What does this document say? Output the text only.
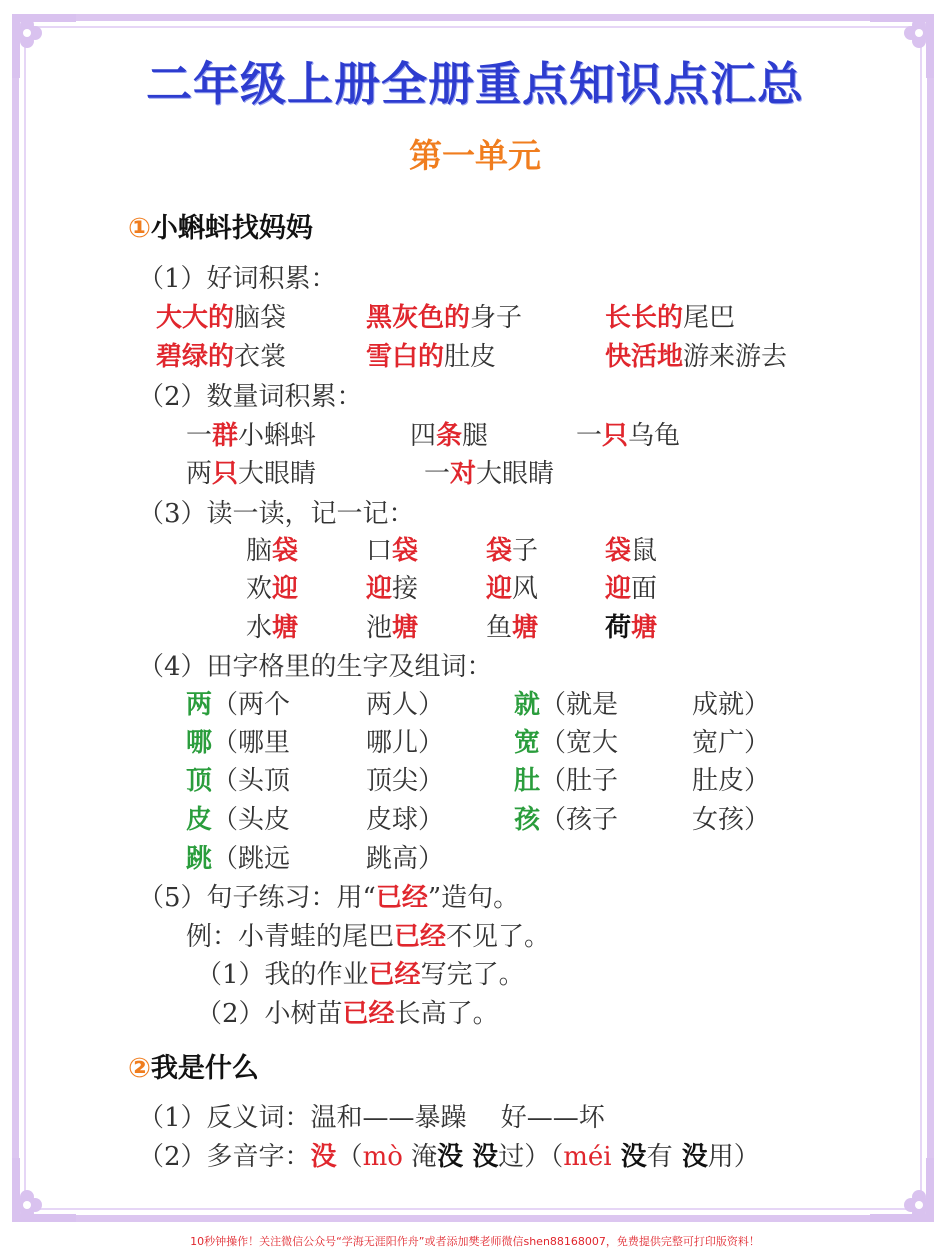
二年级上册全册重点知识点汇总
第一单元
①小蝌蚪找妈妈
（1）好词积累：
大大的脑袋	黑灰色的身子	长长的尾巴
碧绿的衣裳	雪白的肚皮	快活地游来游去
（2）数量词积累：
一群小蝌蚪	四条腿	一只乌龟
两只大眼睛	一对大眼睛
（3）读一读，记一记：
脑袋	口袋	袋子	袋鼠
欢迎	迎接	迎风	迎面
水塘	池塘	鱼塘	荷塘
（4）田字格里的生字及组词：
两（两个	两人）	就（就是	成就）
哪（哪里	哪儿）	宽（宽大	宽广）
顶（头顶	顶尖）	肚（肚子	肚皮）
皮（头皮	皮球）	孩（孩子	女孩）
跳（跳远	跳高）
（5）句子练习：用“已经”造句。
例：小青蛙的尾巴已经不见了。
（1）我的作业已经写完了。
（2）小树苗已经长高了。
②我是什么
（1）反义词：温和——暴躁　 好——坏
（2）多音字：没（mò 淹没 没过）（méi 没有 没用）
10秒钟操作！关注微信公众号“学海无涯阳作舟”或者添加樊老师微信shen88168007，免费提供完整可打印版资料！
